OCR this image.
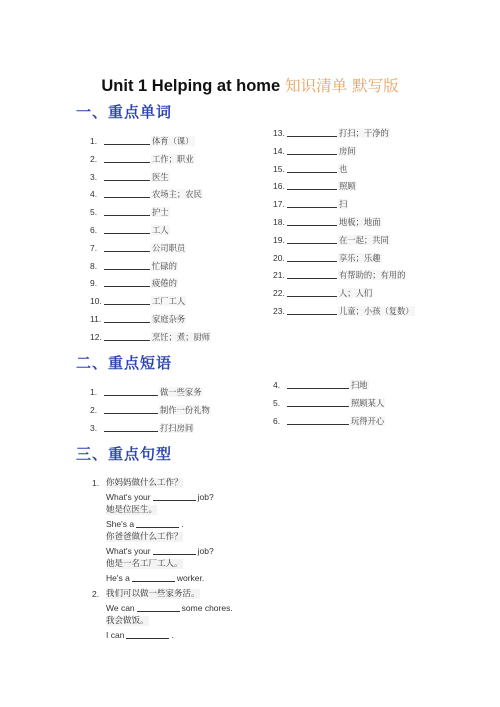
Unit 1 Helping at home 知识清单 默写版
一、重点单词
二、重点短语
三、重点句型
1.	体育（课）
2.	工作；职业
3.	医生
4.	农场主；农民
5.	护士
6.	工人
7.	公司职员
8.	忙碌的
9.	疲倦的
10.	工厂工人
11.	家庭杂务
12.	烹饪；煮；厨师
13.	打扫；干净的
14.	房间
15.	也
16.	照顾
17.	扫
18.	地板；地面
19.	在一起；共同
20.	享乐；乐趣
21.	有帮助的；有用的
22.	人；人们
23.	儿童；小孩（复数）
1.	做一些家务
2.	制作一份礼物
3.	打扫房间
4.	扫地
5.	照顾某人
6.	玩得开心
1. 你妈妈做什么工作？
What's your	job?
她是位医生。
She's a	.
你爸爸做什么工作？
What's your	job?
他是一名工厂工人。
He's a	worker.
2. 我们可以做一些家务活。
We can	some chores.
我会做饭。
I can	.
